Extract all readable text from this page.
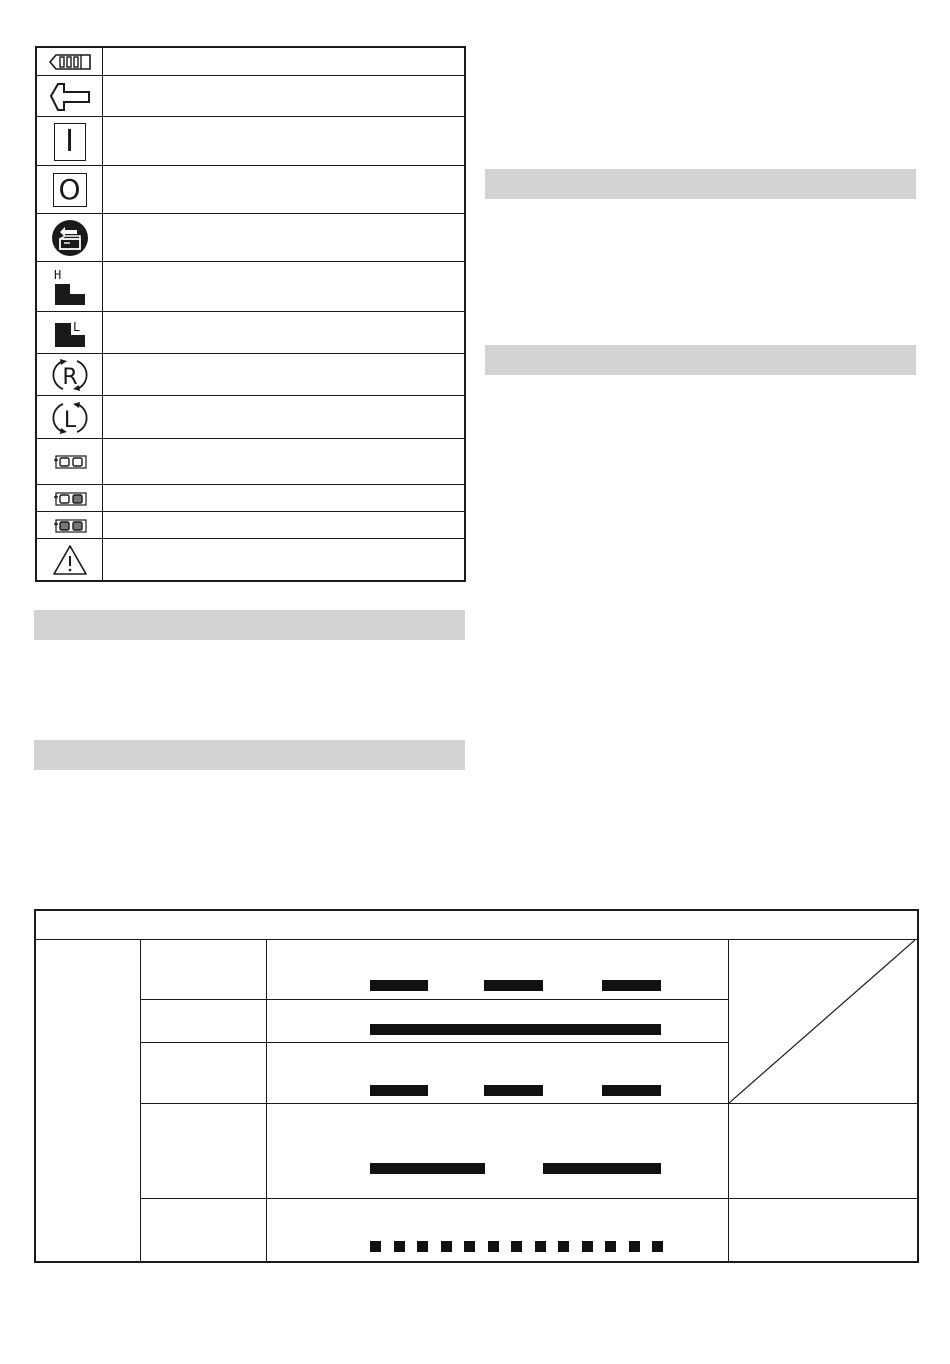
I
O
H
L
R
L
